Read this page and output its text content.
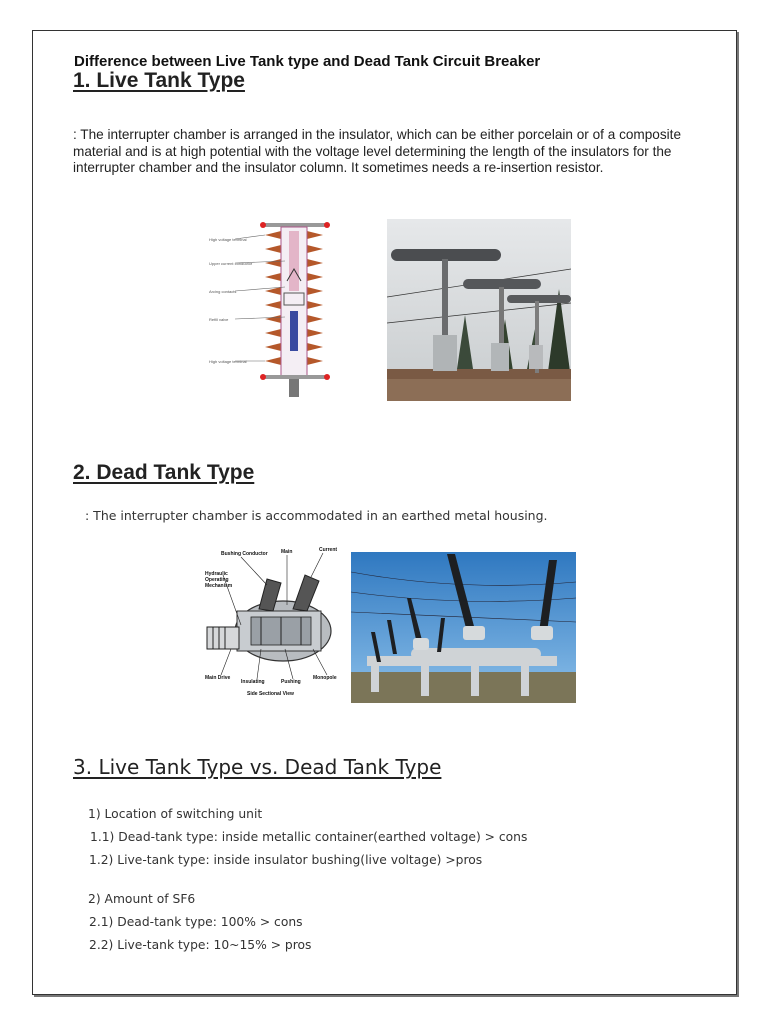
Difference between Live Tank type and Dead Tank Circuit Breaker
1. Live Tank Type
: The interrupter chamber is arranged in the insulator, which can be either porcelain or of a composite material and is at high potential with the voltage level determining the length of the insulators for the interrupter chamber and the insulator column. It sometimes needs a re-insertion resistor.
High voltage terminal
Upper current conductor
Arcing contacts
Refill valve
High voltage terminal
2. Dead Tank Type
: The interrupter chamber is accommodated in an earthed metal housing.
Bushing Conductor	Main	Current
Hydraulic
Operating
Mechanism
Main Drive
Insulating	Pushing
Monopole
Side Sectional View
3. Live Tank Type vs. Dead Tank Type
1) Location of switching unit
1.1) Dead-tank type: inside metallic container(earthed voltage) > cons
1.2) Live-tank type: inside insulator bushing(live voltage) >pros
2) Amount of SF6
2.1) Dead-tank type: 100% > cons
2.2) Live-tank type: 10~15% > pros
